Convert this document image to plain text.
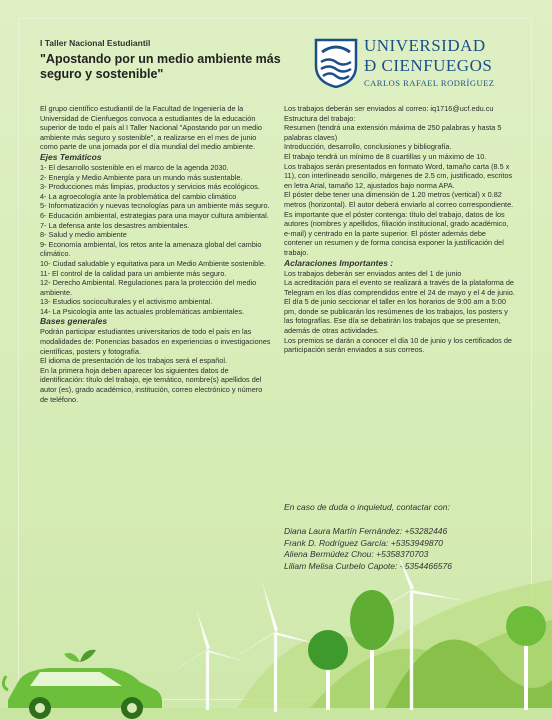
I Taller Nacional Estudiantil
"Apostando por un medio ambiente más seguro y sostenible"
UNIVERSIDAD
Ð CIENFUEGOS
CARLOS RAFAEL RODRÍGUEZ

El grupo científico estudiantil de la Facultad de Ingeniería de la Universidad de Cienfuegos convoca a estudiantes de la educación superior de todo el país al I Taller Nacional "Apostando por un medio ambiente más seguro y sostenible", a realizarse en el mes de junio como parte de una jornada por el día mundial del medio ambiente.

Ejes Temáticos

1- El desarrollo sostenible en el marco de la agenda 2030.

2- Energía y Medio Ambiente para un mundo más sustentable.

3- Producciones más limpias, productos y servicios más ecológicos.

4- La agroecología ante la problemática del cambio climático

5- Informatización y nuevas tecnologías para un ambiente más seguro.

6- Educación ambiental, estrategias para una mayor cultura ambiental.

7- La defensa ante los desastres ambientales.

8- Salud y medio ambiente

9- Economía ambiental, los retos ante la amenaza global del cambio climático.

10- Ciudad saludable y equitativa para un Medio Ambiente sostenible.

11- El control de la calidad para un ambiente más seguro.

12- Derecho Ambiental. Regulaciones para la protección del medio ambiente.

13- Estudios socioculturales y el activismo ambiental.

14- La Psicología ante las actuales problemáticas ambientales.

Bases generales

Podrán participar estudiantes universitarios de todo el país en las modalidades de: Ponencias basados en experiencias o investigaciones científicas, posters y fotografía.

El idioma de presentación de los trabajos será el español.

En la primera hoja deben aparecer los siguientes datos de identificación: título del trabajo, eje temático, nombre(s) apellidos del autor (es), grado académico, institución, correo electrónico y número de teléfono.

Los trabajos deberán ser enviados al correo: iq1716@ucf.edu.cu

Estructura del trabajo:

Resumen (tendrá una extensión máxima de 250 palabras y hasta 5 palabras claves)

Introducción, desarrollo, conclusiones y bibliografía.

El trabajo tendrá un mínimo de 8 cuartillas y un máximo de 10.

Los trabajos serán presentados en formato Word, tamaño carta (8.5 x 11), con interlineado sencillo, márgenes de 2.5 cm, justificado, escritos en letra Arial, tamaño 12, ajustados bajo norma APA.

El póster debe tener una dimensión de 1.20 metros (vertical) x 0.82 metros (horizontal). El autor deberá enviarlo al correo correspondiente. Es importante que el póster contenga: título del trabajo, datos de los autores (nombres y apellidos, filiación institucional, grado académico, e-mail) y centrado en la parte superior. El póster además debe contener un resumen y de forma concisa exponer la justificación del trabajo.

Aclaraciones Importantes :

Los trabajos deberán ser enviados antes del 1 de junio

La acreditación para el evento se realizará a través de la plataforma de Telegram en los días comprendidos entre el 24 de mayo y el 4 de junio.

El día 5 de junio seccionar el taller en los horarios de 9:00 am a 5:00 pm, donde se publicarán los resúmenes de los trabajos, los posters y las fotografías. Ese día se debatirán los trabajos que se presenten, además de otras actividades.

Los premios se darán a conocer el día 10 de junio y los certificados de participación serán enviados a sus correos.

En caso de duda o inquietud, contactar con:
Diana Laura Martín Fernández: +53282446
Frank D. Rodríguez García: +5353949870
Aliena Bermúdez Chou: +5358370703
Liliam Melisa Curbelo Capote: +5354466576
